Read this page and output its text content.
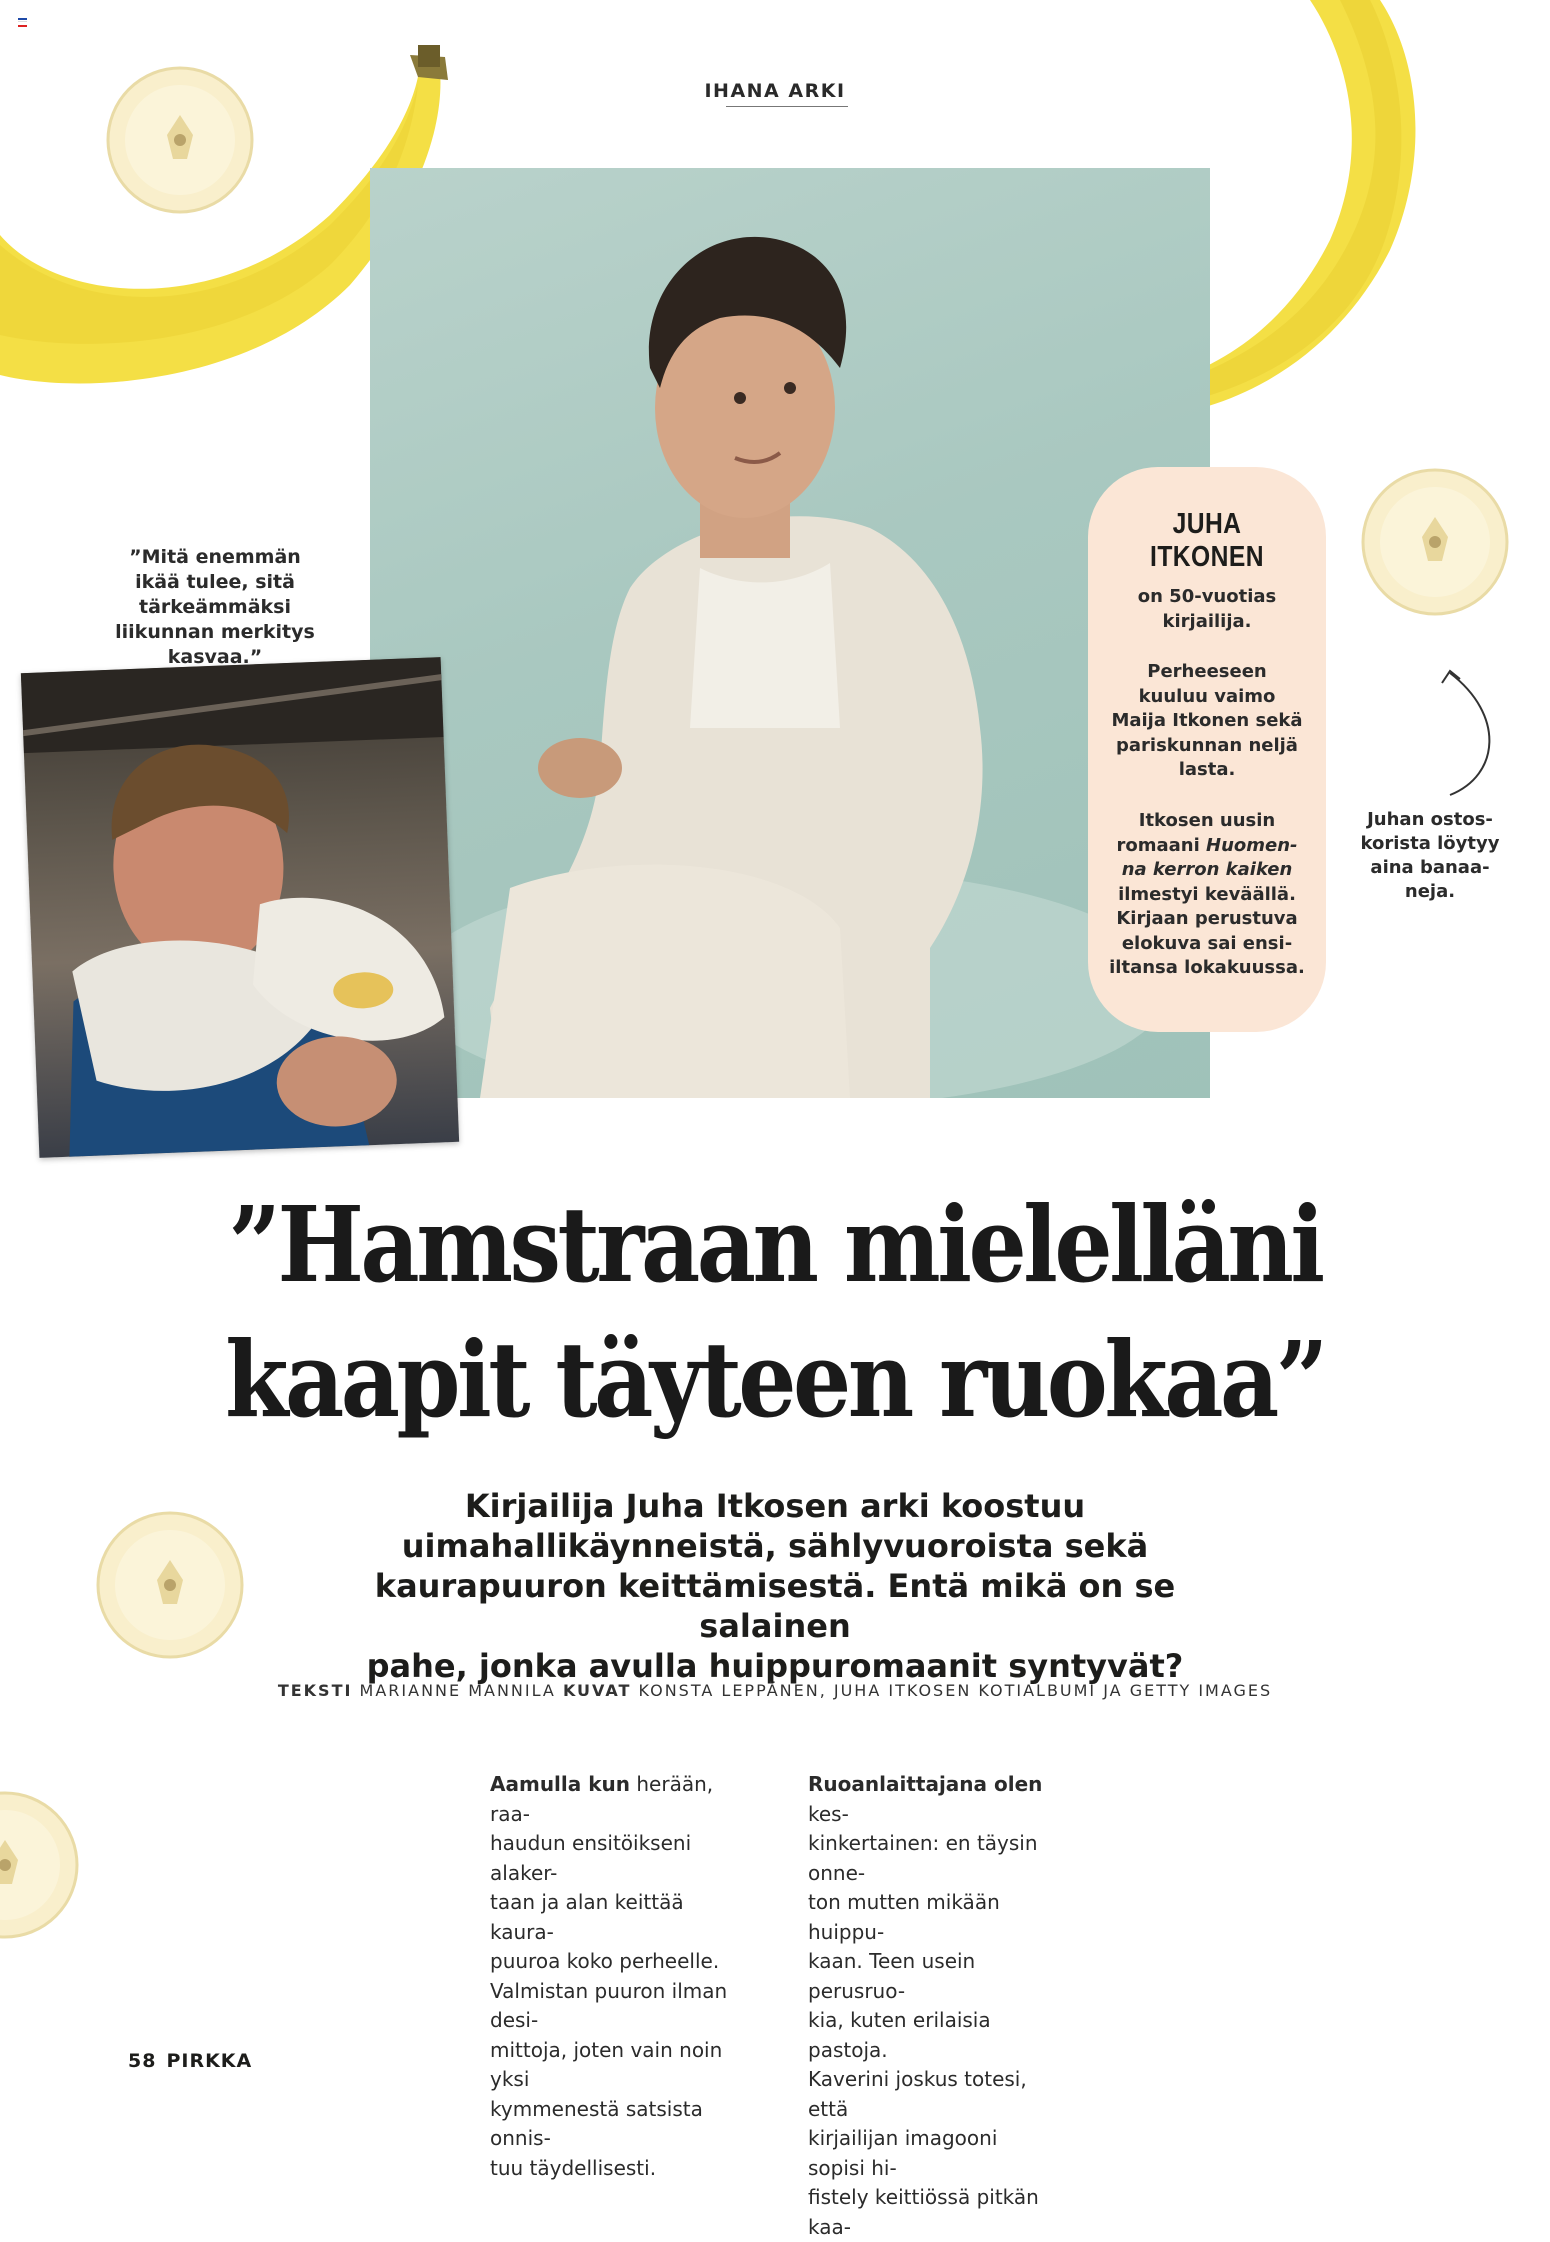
IHANA ARKI
”Mitä enemmän
ikää tulee, sitä
tärkeämmäksi
liikunnan merkitys
kasvaa.”
JUHA
ITKONEN
on 50-vuotias
kirjailija.
Perheeseen
kuuluu vaimo
Maija Itkonen sekä
pariskunnan neljä
lasta.
Itkosen uusin
romaani Huomen-
na kerron kaiken
ilmestyi keväällä.
Kirjaan perustuva
elokuva sai ensi-
iltansa lokakuussa.
Juhan ostos-
korista löytyy
aina banaa-
neja.
”Hamstraan mielelläni
kaapit täyteen ruokaa”
Kirjailija Juha Itkosen arki koostuu
uimahallikäynneistä, sählyvuoroista sekä
kaurapuuron keittämisestä. Entä mikä on se salainen
pahe, jonka avulla huippuromaanit syntyvät?
TEKSTI MARIANNE MANNILA KUVAT KONSTA LEPPÄNEN, JUHA ITKOSEN KOTIALBUMI JA GETTY IMAGES
Aamulla kun herään, raa-
haudun ensitöikseni alaker-
taan ja alan keittää kaura-
puuroa koko perheelle.
Valmistan puuron ilman desi-
mittoja, joten vain noin yksi
kymmenestä satsista onnis-
tuu täydellisesti.
Ruoanlaittajana olen kes-
kinkertainen: en täysin onne-
ton mutten mikään huippu-
kaan. Teen usein perusruo-
kia, kuten erilaisia pastoja.
Kaverini joskus totesi, että
kirjailijan imagooni sopisi hi-
fistely keittiössä pitkän kaa-
58 PIRKKA
